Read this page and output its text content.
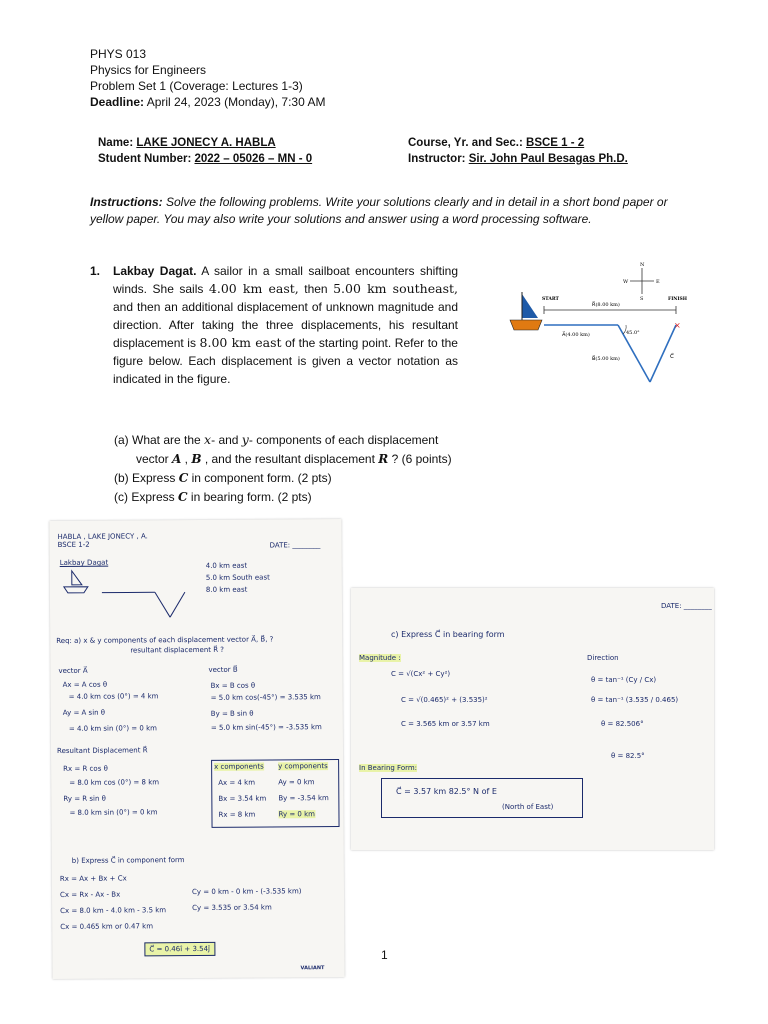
PHYS 013
Physics for Engineers
Problem Set 1 (Coverage: Lectures 1-3)
Deadline: April 24, 2023 (Monday), 7:30 AM
Name: LAKE JONECY A. HABLA
Student Number: 2022 – 05026 – MN - 0
Course, Yr. and Sec.: BSCE 1 - 2
Instructor: Sir. John Paul Besagas Ph.D.
Instructions: Solve the following problems. Write your solutions clearly and in detail in a short bond paper or yellow paper. You may also write your solutions and answer using a word processing software.
1. Lakbay Dagat. A sailor in a small sailboat encounters shifting winds. She sails 4.00 km east, then 5.00 km southeast, and then an additional displacement of unknown magnitude and direction. After taking the three displacements, his resultant displacement is 8.00 km east of the starting point. Refer to the figure below. Each displacement is given a vector notation as indicated in the figure.
N
S
E
W
START	FINISH
R⃗(8.00 km)
A⃗(4.00 km)
B⃗(5.00 km)	C⃗
×
45.0°
(a) What are the x- and y- components of each displacement
vector A , B , and the resultant displacement R ? (6 points)
(b) Express C in component form. (2 pts)
(c) Express C in bearing form. (2 pts)
HABLA , LAKE JONECY , A.
BSCE 1-2	DATE: ________
Lakbay Dagat	4.0 km east
5.0 km South east
8.0 km east
Req: a) x & y components of each displacement vector A⃗, B⃗, ?
resultant displacement R⃗ ?
vector A⃗	vector B⃗
Ax = A cos θ
= 4.0 km cos (0°) = 4 km
Bx = B cos θ
= 5.0 km cos(-45°) = 3.535 km
Ay = A sin θ
= 4.0 km sin (0°) = 0 km
By = B sin θ
= 5.0 km sin(-45°) = -3.535 km
Resultant Displacement R⃗
Rx = R cos θ
= 8.0 km cos (0°) = 8 km
Ry = R sin θ
= 8.0 km sin (0°) = 0 km
x components y components
Ax = 4 km	Ay = 0 km
Bx = 3.54 km By = -3.54 km
Rx = 8 km	Ry = 0 km
b) Express C⃗ in component form
Rx = Ax + Bx + Cx
Cx = Rx - Ax - Bx
Cx = 8.0 km - 4.0 km - 3.5 km
Cx = 0.465 km or 0.47 km
Cy = 0 km - 0 km - (-3.535 km)
Cy = 3.535 or 3.54 km
C⃗ = 0.46î + 3.54ĵ
VALIANT
DATE: ________
c) Express C⃗ in bearing form
Magnitude :	Direction
C = √(Cx² + Cy²)
C = √(0.465)² + (3.535)²
C = 3.565 km or 3.57 km
θ = tan⁻¹ (Cy / Cx)
θ = tan⁻¹ (3.535 / 0.465)
θ = 82.506°
θ = 82.5°
In Bearing Form:
C⃗ = 3.57 km 82.5° N of E
(North of East)
1
